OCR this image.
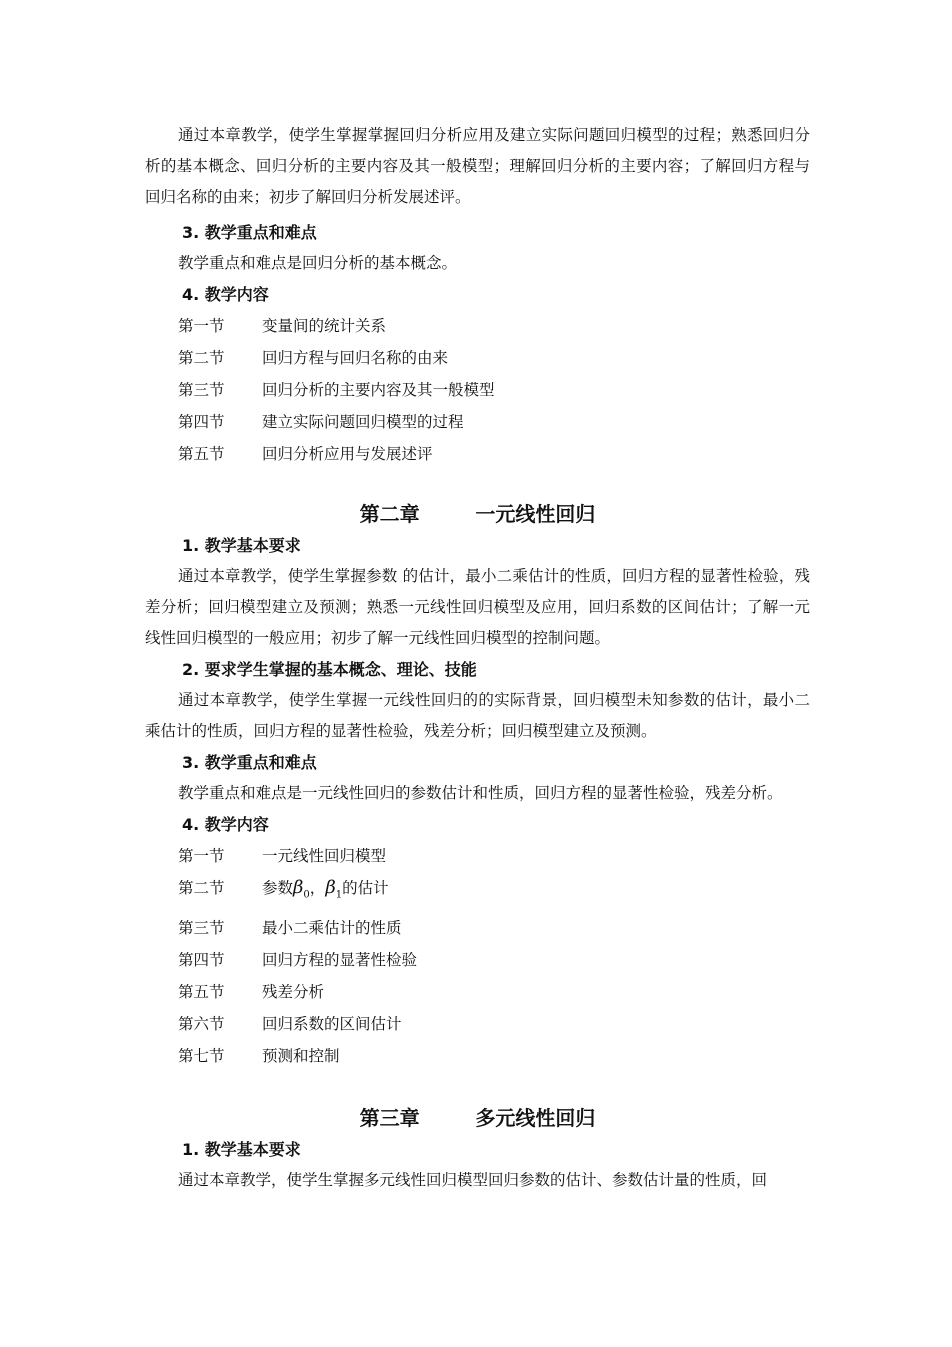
通过本章教学，使学生掌握掌握回归分析应用及建立实际问题回归模型的过程；熟悉回归分析的基本概念、回归分析的主要内容及其一般模型；理解回归分析的主要内容；了解回归方程与回归名称的由来；初步了解回归分析发展述评。

3. 教学重点和难点

教学重点和难点是回归分析的基本概念。

4. 教学内容

第一节	变量间的统计关系
第二节	回归方程与回归名称的由来
第三节	回归分析的主要内容及其一般模型
第四节	建立实际问题回归模型的过程
第五节	回归分析应用与发展述评

第二章        一元线性回归

1. 教学基本要求

通过本章教学，使学生掌握参数 的估计，最小二乘估计的性质，回归方程的显著性检验，残差分析；回归模型建立及预测；熟悉一元线性回归模型及应用，回归系数的区间估计；了解一元线性回归模型的一般应用；初步了解一元线性回归模型的控制问题。

2. 要求学生掌握的基本概念、理论、技能

通过本章教学，使学生掌握一元线性回归的的实际背景，回归模型未知参数的估计，最小二乘估计的性质，回归方程的显著性检验，残差分析；回归模型建立及预测。

3. 教学重点和难点

教学重点和难点是一元线性回归的参数估计和性质，回归方程的显著性检验，残差分析。

4. 教学内容

第一节	一元线性回归模型
第二节	参数$\beta_0$，$\beta_1$的估计
第三节	最小二乘估计的性质
第四节	回归方程的显著性检验
第五节	残差分析
第六节	回归系数的区间估计
第七节	预测和控制

第三章        多元线性回归

1. 教学基本要求

通过本章教学，使学生掌握多元线性回归模型回归参数的估计、参数估计量的性质，回
